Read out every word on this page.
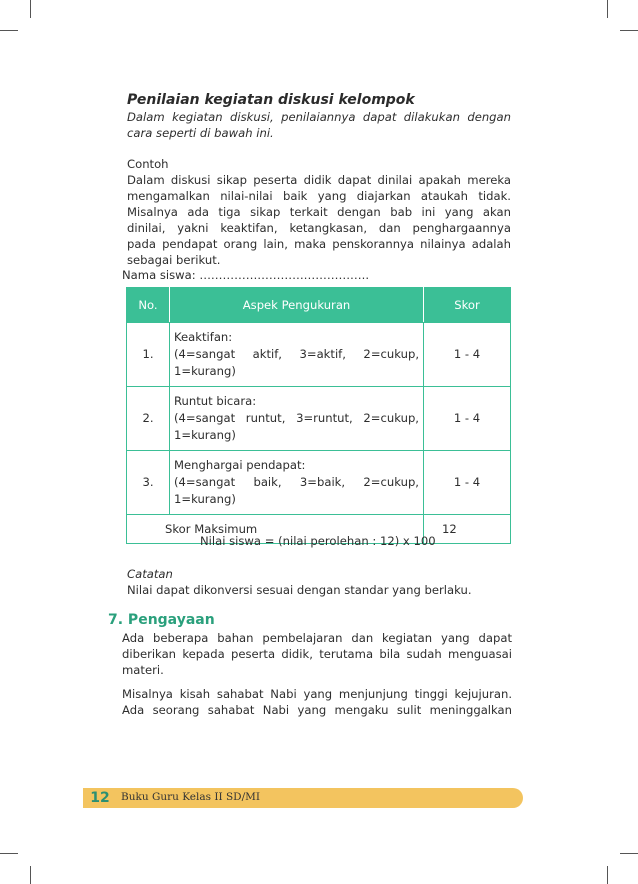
Penilaian kegiatan diskusi kelompok
Dalam kegiatan diskusi, penilaiannya dapat dilakukan dengan
cara seperti di bawah ini.
Contoh
Dalam diskusi sikap peserta didik dapat dinilai apakah mereka
mengamalkan nilai-nilai baik yang diajarkan ataukah tidak.
Misalnya ada tiga sikap terkait dengan bab ini yang akan
dinilai, yakni keaktifan, ketangkasan, dan penghargaannya
pada pendapat orang lain, maka penskorannya nilainya adalah
sebagai berikut.
Nama siswa: ……………………………………..
No.	Aspek Pengukuran	Skor
1.	Keaktifan:
(4=sangat aktif, 3=aktif, 2=cukup,
1=kurang)	1 - 4
2.	Runtut bicara:
(4=sangat runtut, 3=runtut, 2=cukup,
1=kurang)	1 - 4
3.	Menghargai pendapat:
(4=sangat baik, 3=baik, 2=cukup,
1=kurang)	1 - 4
Skor Maksimum		12
Nilai siswa = (nilai perolehan : 12) x 100
Catatan
Nilai dapat dikonversi sesuai dengan standar yang berlaku.
7. Pengayaan
Ada beberapa bahan pembelajaran dan kegiatan yang dapat
diberikan kepada peserta didik, terutama bila sudah menguasai
materi.
Misalnya kisah sahabat Nabi yang menjunjung tinggi kejujuran.
Ada seorang sahabat Nabi yang mengaku sulit meninggalkan
12	Buku Guru Kelas II SD/MI
